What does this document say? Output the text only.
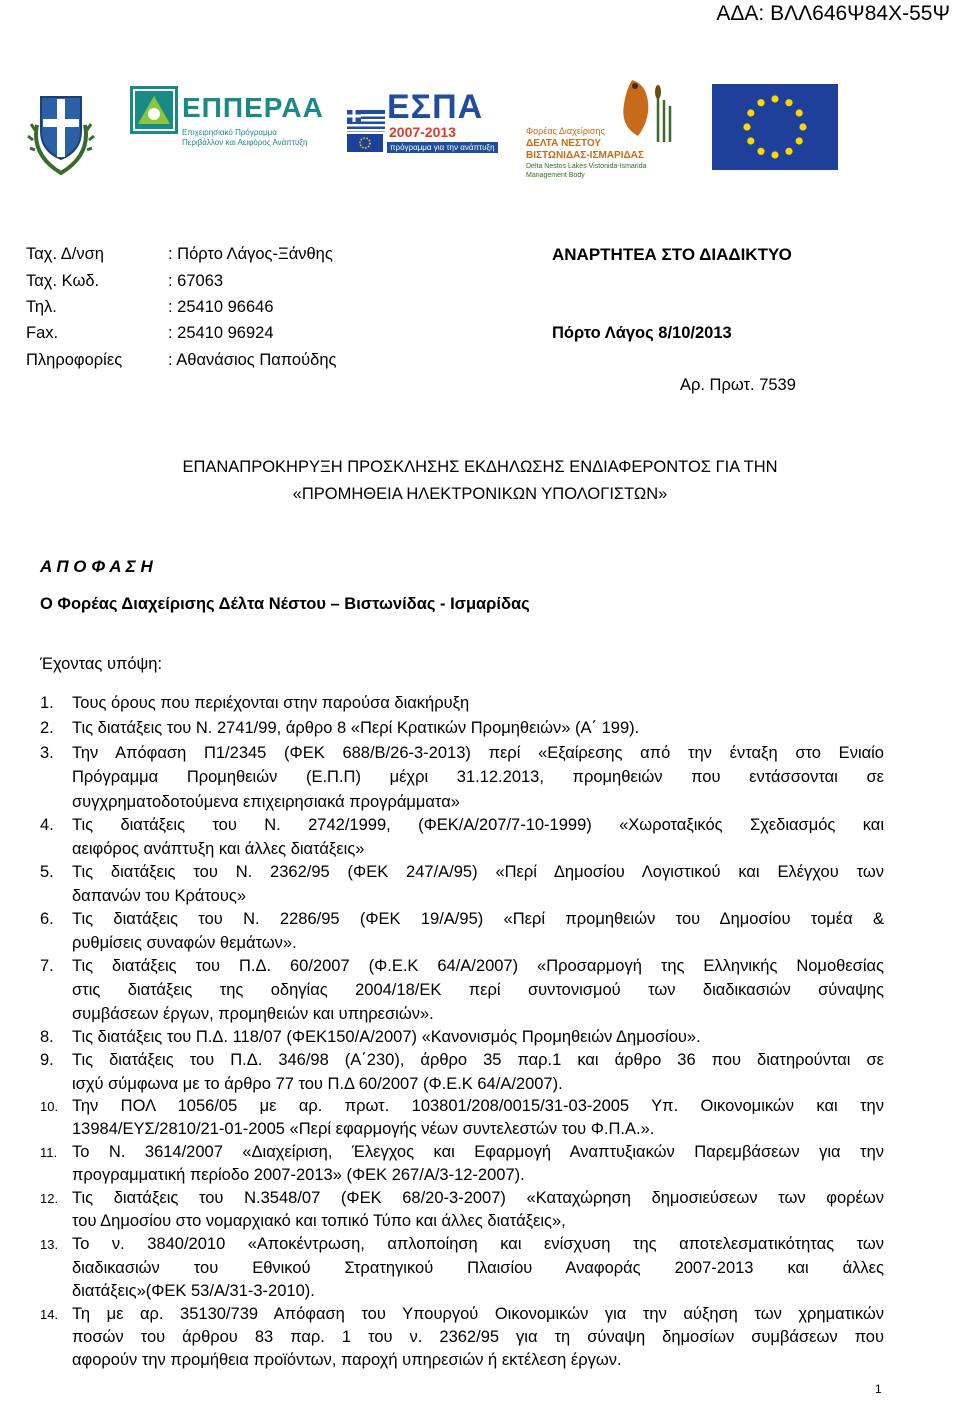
ΑΔΑ: ΒΛΛ646Ψ84Χ-55Ψ
ΕΠΠΕΡΑΑ
Επιχειρησιακό Πρόγραμμα
Περιβάλλον και Αειφόρος Ανάπτυξη
ΕΣΠΑ
2007-2013
πρόγραμμα για την ανάπτυξη
Φορέας Διαχείρισης
ΔΕΛΤΑ ΝΕΣΤΟΥ
ΒΙΣΤΩΝΙΔΑΣ-ΙΣΜΑΡΙΔΑΣ
Delta Nestos Lakes Vistonida-Ismarida
Management Body
Ταχ. Δ/νση	: Πόρτο Λάγος-Ξάνθης
Ταχ. Κωδ.	: 67063
Τηλ.	: 25410 96646
Fax.	: 25410 96924
Πληροφορίες	: Αθανάσιος Παπούδης
ΑΝΑΡΤΗΤΕΑ ΣΤΟ ΔΙΑΔΙΚΤΥΟ
Πόρτο Λάγος 8/10/2013
Αρ. Πρωτ. 7539
ΕΠΑΝΑΠΡΟΚΗΡΥΞΗ ΠΡΟΣΚΛΗΣΗΣ ΕΚΔΗΛΩΣΗΣ ΕΝΔΙΑΦΕΡΟΝΤΟΣ ΓΙΑ ΤΗΝ
«ΠΡΟΜΗΘΕΙΑ ΗΛΕΚΤΡΟΝΙΚΩΝ ΥΠΟΛΟΓΙΣΤΩΝ»
Α Π Ο Φ Α Σ Η
Ο Φορέας Διαχείρισης Δέλτα Νέστου – Βιστωνίδας - Ισμαρίδας
Έχοντας υπόψη:
1. Τους όρους που περιέχονται στην παρούσα διακήρυξη
2. Τις διατάξεις του Ν. 2741/99, άρθρο 8 «Περί Κρατικών Προμηθειών» (Α΄ 199).
3. Την Απόφαση Π1/2345 (ΦΕΚ 688/Β/26-3-2013) περί «Εξαίρεσης από την ένταξη στο Ενιαίο
Πρόγραμμα Προμηθειών (Ε.Π.Π) μέχρι 31.12.2013, προμηθειών που εντάσσονται σε
συγχρηματοδοτούμενα επιχειρησιακά προγράμματα»
4. Τις διατάξεις του Ν. 2742/1999, (ΦΕΚ/Α/207/7-10-1999) «Χωροταξικός Σχεδιασμός και
αειφόρος ανάπτυξη και άλλες διατάξεις»
5. Τις διατάξεις του Ν. 2362/95 (ΦΕΚ 247/Α/95) «Περί Δημοσίου Λογιστικού και Ελέγχου των
δαπανών του Κράτους»
6. Τις διατάξεις του Ν. 2286/95 (ΦΕΚ 19/Α/95) «Περί προμηθειών του Δημοσίου τομέα &
ρυθμίσεις συναφών θεμάτων».
7. Τις διατάξεις του Π.Δ. 60/2007 (Φ.Ε.Κ 64/Α/2007) «Προσαρμογή της Ελληνικής Νομοθεσίας
στις διατάξεις της οδηγίας 2004/18/ΕΚ περί συντονισμού των διαδικασιών σύναψης
συμβάσεων έργων, προμηθειών και υπηρεσιών».
8. Τις διατάξεις του Π.Δ. 118/07 (ΦΕΚ150/Α/2007) «Κανονισμός Προμηθειών Δημοσίου».
9. Τις διατάξεις του Π.Δ. 346/98 (Α΄230), άρθρο 35 παρ.1 και άρθρο 36 που διατηρούνται σε
ισχύ σύμφωνα με το άρθρο 77 του Π.Δ 60/2007 (Φ.Ε.Κ 64/Α/2007).
10. Την ΠΟΛ 1056/05 με αρ. πρωτ. 103801/208/0015/31-03-2005 Υπ. Οικονομικών και την
13984/ΕΥΣ/2810/21-01-2005 «Περί εφαρμογής νέων συντελεστών του Φ.Π.Α.».
11. Το Ν. 3614/2007 «Διαχείριση, Έλεγχος και Εφαρμογή Αναπτυξιακών Παρεμβάσεων για την
προγραμματική περίοδο 2007-2013» (ΦΕΚ 267/Α/3-12-2007).
12. Τις διατάξεις του Ν.3548/07 (ΦΕΚ 68/20-3-2007) «Καταχώρηση δημοσιεύσεων των φορέων
του Δημοσίου στο νομαρχιακό και τοπικό Τύπο και άλλες διατάξεις»,
13. Το ν. 3840/2010 «Αποκέντρωση, απλοποίηση και ενίσχυση της αποτελεσματικότητας των
διαδικασιών του Εθνικού Στρατηγικού Πλαισίου Αναφοράς 2007-2013 και άλλες
διατάξεις»(ΦΕΚ 53/Α/31-3-2010).
14. Τη με αρ. 35130/739 Απόφαση του Υπουργού Οικονομικών για την αύξηση των χρηματικών
ποσών του άρθρου 83 παρ. 1 του ν. 2362/95 για τη σύναψη δημοσίων συμβάσεων που
αφορούν την προμήθεια προϊόντων, παροχή υπηρεσιών ή εκτέλεση έργων.
1
